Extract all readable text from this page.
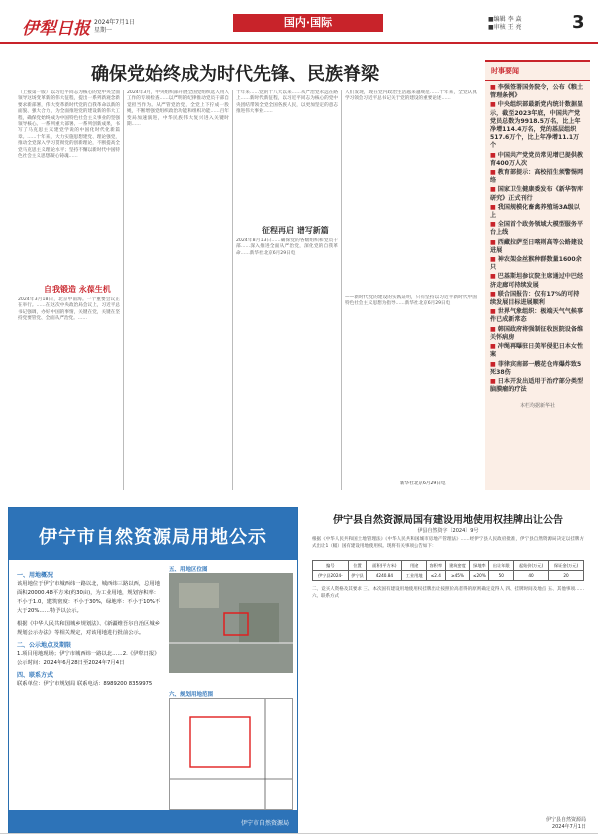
伊犁日报 2024年7月1日
星期一
国内·国际	■编辑 李 焱
■审核 王 亮	3
确保党始终成为时代先锋、民族脊梁
（上接第一版）以习近平同志为核心的党中央全面领导这场变革新的伟大征程，提出一系列新观念新要求新部署，伟大变革新时代党的自我革命以新的面貌、强大合力，为全面推进党的建设新的伟大工程，确保党始终成为中国特色社会主义事业的坚强领导核心。一系列重大部署、一系列创新成果，书写了马克思主义建党学说的中国化时代化新篇章。……十年来，大力实施思想建党、理论强党，推动全党深入学习贯彻党的创新理论，不断提高全党马克思主义理论水平；坚持不懈以新时代中国特色社会主义思想凝心铸魂……
自我锻造 永葆生机
2024年3月18日，北京中南海。一个重要会议正在举行。……在这次中央政治局会议上，习近平总书记强调，办好中国的事情，关键在党，关键在坚持党要管党、全面从严治党。……
2024年3月，中央组织部开展全国党组织选人用人工作的专项检查……以严明的纪律推动党员干部自觉担当作为。从严管党治党，全党上下拧成一股绳，不断增强党组织政治功能和组织功能……百年变局加速演进，中华民族伟大复兴进入关键时期……
十年来……党的十八大以来……从严治党永远在路上……新时代新征程，以习近平同志为核心的党中央团结带领全党全国各族人民，以更加坚定的意志推进伟大事业……
征程再启 谱写新篇
2024年8月13日……确保党的各级组织和党员干部……深入推进全面从严治党，深化党的自我革命……新华社北京6月29日电
人们发现，现在党内政治生活越来越规范……十年来，全党认真学习领会习近平总书记关于党的建设的重要论述……
——新时代党的建设的实践证明，只有坚持以习近平新时代中国特色社会主义思想为指导……新华社北京6月29日电
新华社北京6月29日电
时事要闻
■ 李强签署国务院令，公布《粮土管理条例》
■ 中央组织部最新党内统计数据显示，截至2023年底，中国共产党党员总数为9918.5万名，比上年净增114.4万名，党的基层组织517.6万个，比上年净增11.1万个
■ 中国共产党党员常见增已提供教育400万人次
■ 教育部提示：高校招生须警惕网络
■ 国家卫生健康委发布《新华智库研究》正式刊行
■ 我国规模化畜禽养殖场3A级以上
■ 全国首个政务领域大模型服务平台上线
■ 西藏拉萨至日喀则高等公路建设进展
■ 神农架金丝猴种群数量1600余只
■ 巴基斯坦参议院主席通过中巴经济走廊可持续发展
■ 联合国报告：仅有17%的可持续发展目标进展顺利
■ 世界气象组织：极端天气气候事件已成新常态
■ 韩国政府将强制征收医院设备维关怀病房
■ 冲绳再曝驻日美军侵犯日本女性案
■ 菲律宾南部一艘花仓库爆炸致5死38伤
■ 日本开发出适用于治疗部分类型脑膜瘤的疗法
本栏均据新华社
伊宁市自然资源局用地公示
一、用地概况
该用地位于伊宁市城西纬一路以北，城西纬三路以西，总用地面积20000.48平方米(约30亩)，为工业用地，规划容积率：不小于1.0，建筑密度：不小于30%，绿地率：不小于10%不大于20%……特予以公示。
根据《中华人民共和国城乡规划法》、《新疆维吾尔自治区城乡规划公示办法》等相关规定，对该用地进行批前公示。
二、公示地点及期限
1.项目用地现场；伊宁市城西纬一路以北……2.《伊犁日报》
公示时间：2024年6月28日至2024年7月4日
四、联系方式
联系单位：伊宁市规划局 联系电话：8989200 8359975
五、用地区位图
六、规划用地范围
伊宁市自然资源局
伊宁县自然资源局国有建设用地使用权挂牌出让公告
伊县自然资字〔2024〕9号
根据《中华人民共和国土地管理法》《中华人民共和国城市房地产管理法》……经伊宁县人民政府批准，伊宁县自然资源局决定以挂牌方式出让1（幅）国有建设用地使用权。现将有关事项公告如下：
编号	位置	面积(平方米)	用途	容积率	建筑密度	绿地率	出让年限	起始价(万元)	保证金(万元)
伊宁县2024-	伊宁县	4240.84	工业用地	≤2.4	≥45%	≤20%	50	40	20
二、竞买人资格及其要求 三、本次国有建设用地使用权挂牌出让按照价高者得的原则确定竞得人 四、挂牌时间及地点 五、其他事项……六、联系方式
伊宁县自然资源局
2024年7月1日
